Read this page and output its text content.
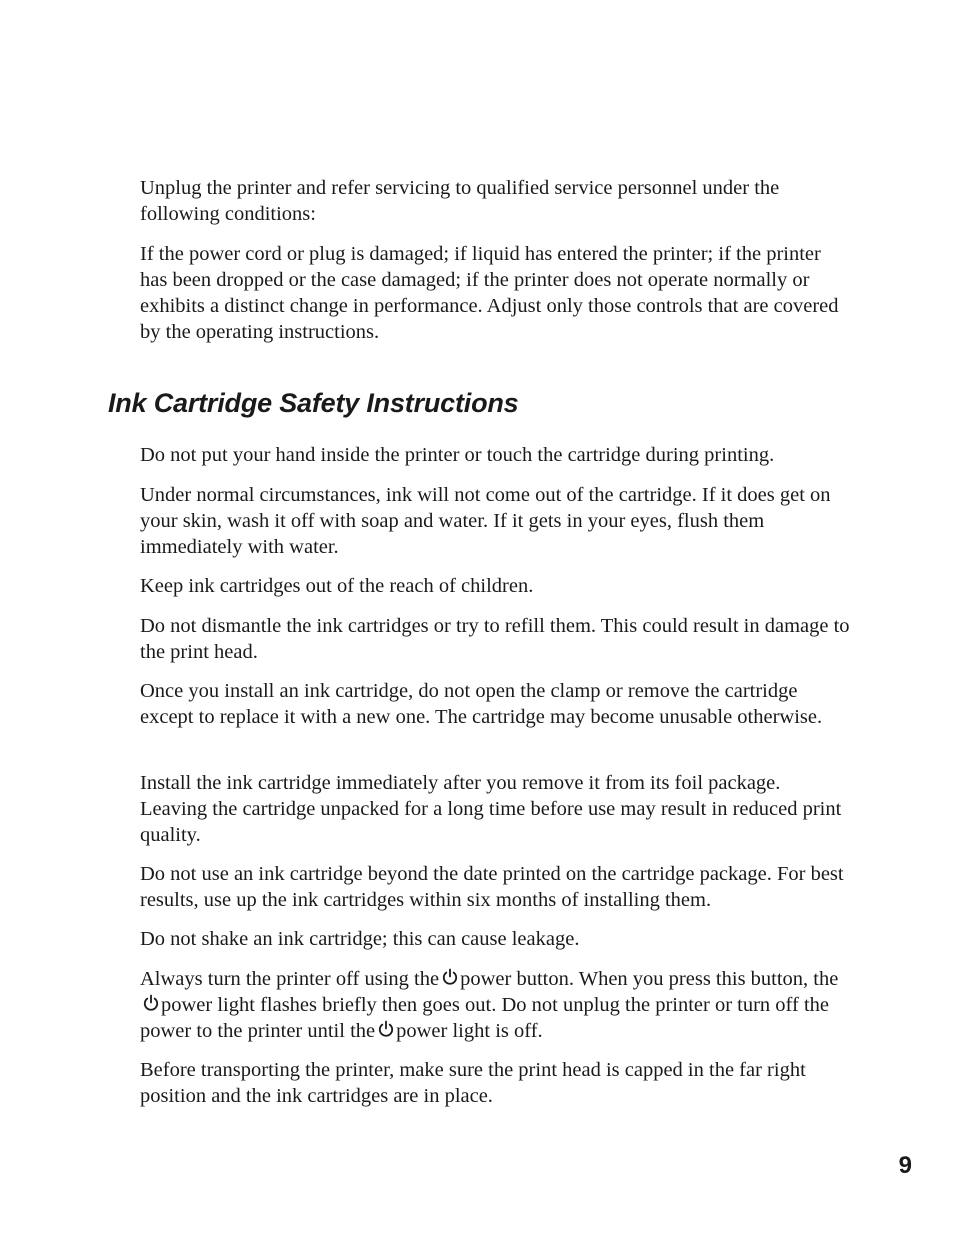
Unplug the printer and refer servicing to qualified service personnel under the following conditions:

If the power cord or plug is damaged; if liquid has entered the printer; if the printer has been dropped or the case damaged; if the printer does not operate normally or exhibits a distinct change in performance. Adjust only those controls that are covered by the operating instructions.

Ink Cartridge Safety Instructions

Do not put your hand inside the printer or touch the cartridge during printing.

Under normal circumstances, ink will not come out of the cartridge. If it does get on your skin, wash it off with soap and water. If it gets in your eyes, flush them immediately with water.

Keep ink cartridges out of the reach of children.

Do not dismantle the ink cartridges or try to refill them. This could result in damage to the print head.

Once you install an ink cartridge, do not open the clamp or remove the cartridge except to replace it with a new one. The cartridge may become unusable otherwise.

Install the ink cartridge immediately after you remove it from its foil package. Leaving the cartridge unpacked for a long time before use may result in reduced print quality.

Do not use an ink cartridge beyond the date printed on the cartridge package. For best results, use up the ink cartridges within six months of installing them.

Do not shake an ink cartridge; this can cause leakage.

Always turn the printer off using the power button. When you press this button, the
power light flashes briefly then goes out. Do not unplug the printer or turn off the power to the printer until the power light is off.

Before transporting the printer, make sure the print head is capped in the far right position and the ink cartridges are in place.

9
